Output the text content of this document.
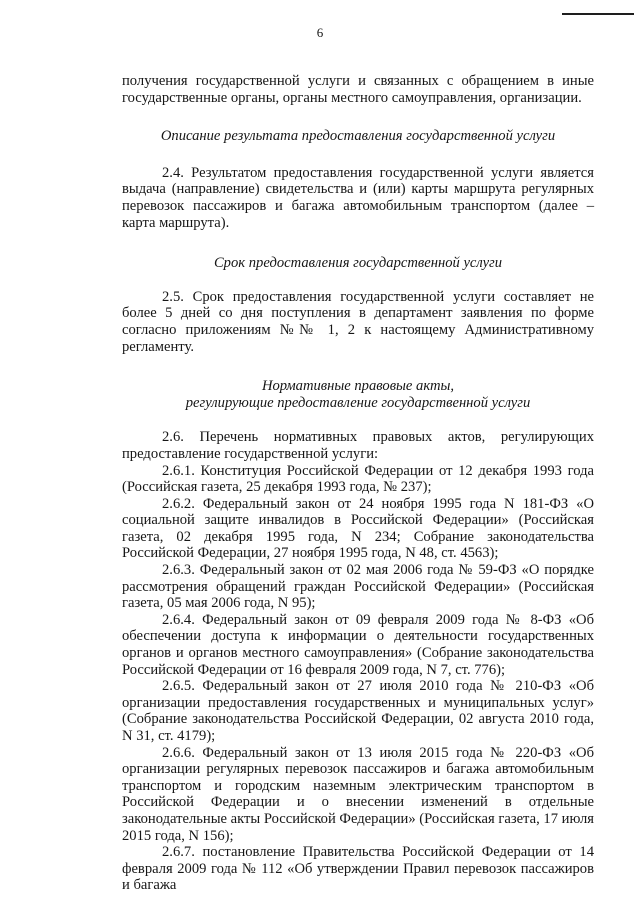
6

получения государственной услуги и связанных с обращением в иные государственные органы, органы местного самоуправления, организации.

Описание результата предоставления государственной услуги

2.4. Результатом предоставления государственной услуги является выдача (направление) свидетельства и (или) карты маршрута регулярных перевозок пассажиров и багажа автомобильным транспортом (далее – карта маршрута).

Срок предоставления государственной услуги

2.5. Срок предоставления государственной услуги составляет не более 5 дней со дня поступления в департамент заявления по форме согласно приложениям №№ 1, 2 к настоящему Административному регламенту.

Нормативные правовые акты,

регулирующие предоставление государственной услуги

2.6. Перечень нормативных правовых актов, регулирующих

предоставление государственной услуги:

2.6.1. Конституция Российской Федерации от 12 декабря 1993 года (Российская газета, 25 декабря 1993 года, № 237);

2.6.2. Федеральный закон от 24 ноября 1995 года N 181-ФЗ «О социальной защите инвалидов в Российской Федерации» (Российская газета, 02 декабря 1995 года, N 234; Собрание законодательства Российской Федерации, 27 ноября 1995 года, N 48, ст. 4563);

2.6.3. Федеральный закон от 02 мая 2006 года № 59-ФЗ «О порядке рассмотрения обращений граждан Российской Федерации» (Российская газета, 05 мая 2006 года, N 95);

2.6.4. Федеральный закон от 09 февраля 2009 года № 8-ФЗ «Об обеспечении доступа к информации о деятельности государственных органов и органов местного самоуправления» (Собрание законодательства Российской Федерации от 16 февраля 2009 года, N 7, ст. 776);

2.6.5. Федеральный закон от 27 июля 2010 года № 210-ФЗ «Об организации предоставления государственных и муниципальных услуг» (Собрание законодательства Российской Федерации, 02 августа 2010 года, N 31, ст. 4179);

2.6.6. Федеральный закон от 13 июля 2015 года № 220-ФЗ «Об организации регулярных перевозок пассажиров и багажа автомобильным транспортом и городским наземным электрическим транспортом в Российской Федерации и о внесении изменений в отдельные законодательные акты Российской Федерации» (Российская газета, 17 июля 2015 года, N 156);

2.6.7. постановление Правительства Российской Федерации от 14 февраля 2009 года № 112 «Об утверждении Правил перевозок пассажиров и багажа
